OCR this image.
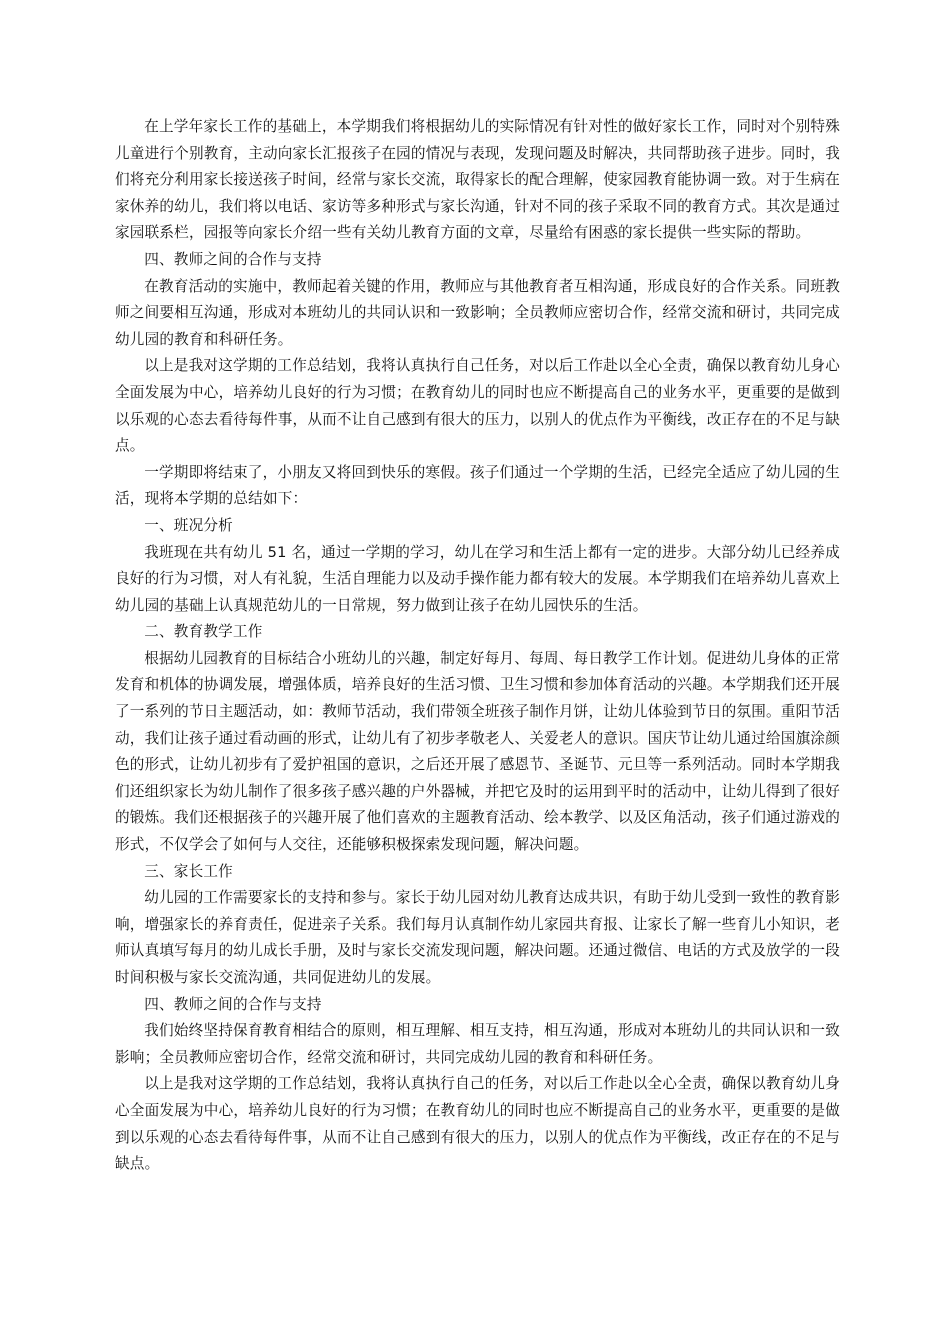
在上学年家长工作的基础上，本学期我们将根据幼儿的实际情况有针对性的做好家长工作，同时对个别特殊儿童进行个别教育，主动向家长汇报孩子在园的情况与表现，发现问题及时解决，共同帮助孩子进步。同时，我们将充分利用家长接送孩子时间，经常与家长交流，取得家长的配合理解，使家园教育能协调一致。对于生病在家休养的幼儿，我们将以电话、家访等多种形式与家长沟通，针对不同的孩子采取不同的教育方式。其次是通过家园联系栏，园报等向家长介绍一些有关幼儿教育方面的文章，尽量给有困惑的家长提供一些实际的帮助。

四、教师之间的合作与支持

在教育活动的实施中，教师起着关键的作用，教师应与其他教育者互相沟通，形成良好的合作关系。同班教师之间要相互沟通，形成对本班幼儿的共同认识和一致影响；全员教师应密切合作，经常交流和研讨，共同完成幼儿园的教育和科研任务。

以上是我对这学期的工作总结划，我将认真执行自己任务，对以后工作赴以全心全责，确保以教育幼儿身心全面发展为中心，培养幼儿良好的行为习惯；在教育幼儿的同时也应不断提高自己的业务水平，更重要的是做到以乐观的心态去看待每件事，从而不让自己感到有很大的压力，以别人的优点作为平衡线，改正存在的不足与缺点。

一学期即将结束了，小朋友又将回到快乐的寒假。孩子们通过一个学期的生活，已经完全适应了幼儿园的生活，现将本学期的总结如下：

一、班况分析

我班现在共有幼儿 51 名，通过一学期的学习，幼儿在学习和生活上都有一定的进步。大部分幼儿已经养成良好的行为习惯，对人有礼貌，生活自理能力以及动手操作能力都有较大的发展。本学期我们在培养幼儿喜欢上幼儿园的基础上认真规范幼儿的一日常规，努力做到让孩子在幼儿园快乐的生活。

二、教育教学工作

根据幼儿园教育的目标结合小班幼儿的兴趣，制定好每月、每周、每日教学工作计划。促进幼儿身体的正常发育和机体的协调发展，增强体质，培养良好的生活习惯、卫生习惯和参加体育活动的兴趣。本学期我们还开展了一系列的节日主题活动，如：教师节活动，我们带领全班孩子制作月饼，让幼儿体验到节日的氛围。重阳节活动，我们让孩子通过看动画的形式，让幼儿有了初步孝敬老人、关爱老人的意识。国庆节让幼儿通过给国旗涂颜色的形式，让幼儿初步有了爱护祖国的意识，之后还开展了感恩节、圣诞节、元旦等一系列活动。同时本学期我们还组织家长为幼儿制作了很多孩子感兴趣的户外器械，并把它及时的运用到平时的活动中，让幼儿得到了很好的锻炼。我们还根据孩子的兴趣开展了他们喜欢的主题教育活动、绘本教学、以及区角活动，孩子们通过游戏的形式，不仅学会了如何与人交往，还能够积极探索发现问题，解决问题。

三、家长工作

幼儿园的工作需要家长的支持和参与。家长于幼儿园对幼儿教育达成共识，有助于幼儿受到一致性的教育影响，增强家长的养育责任，促进亲子关系。我们每月认真制作幼儿家园共育报、让家长了解一些育儿小知识，老师认真填写每月的幼儿成长手册，及时与家长交流发现问题，解决问题。还通过微信、电话的方式及放学的一段时间积极与家长交流沟通，共同促进幼儿的发展。

四、教师之间的合作与支持

我们始终坚持保育教育相结合的原则，相互理解、相互支持，相互沟通，形成对本班幼儿的共同认识和一致影响；全员教师应密切合作，经常交流和研讨，共同完成幼儿园的教育和科研任务。

以上是我对这学期的工作总结划，我将认真执行自己的任务，对以后工作赴以全心全责，确保以教育幼儿身心全面发展为中心，培养幼儿良好的行为习惯；在教育幼儿的同时也应不断提高自己的业务水平，更重要的是做到以乐观的心态去看待每件事，从而不让自己感到有很大的压力，以别人的优点作为平衡线，改正存在的不足与缺点。
